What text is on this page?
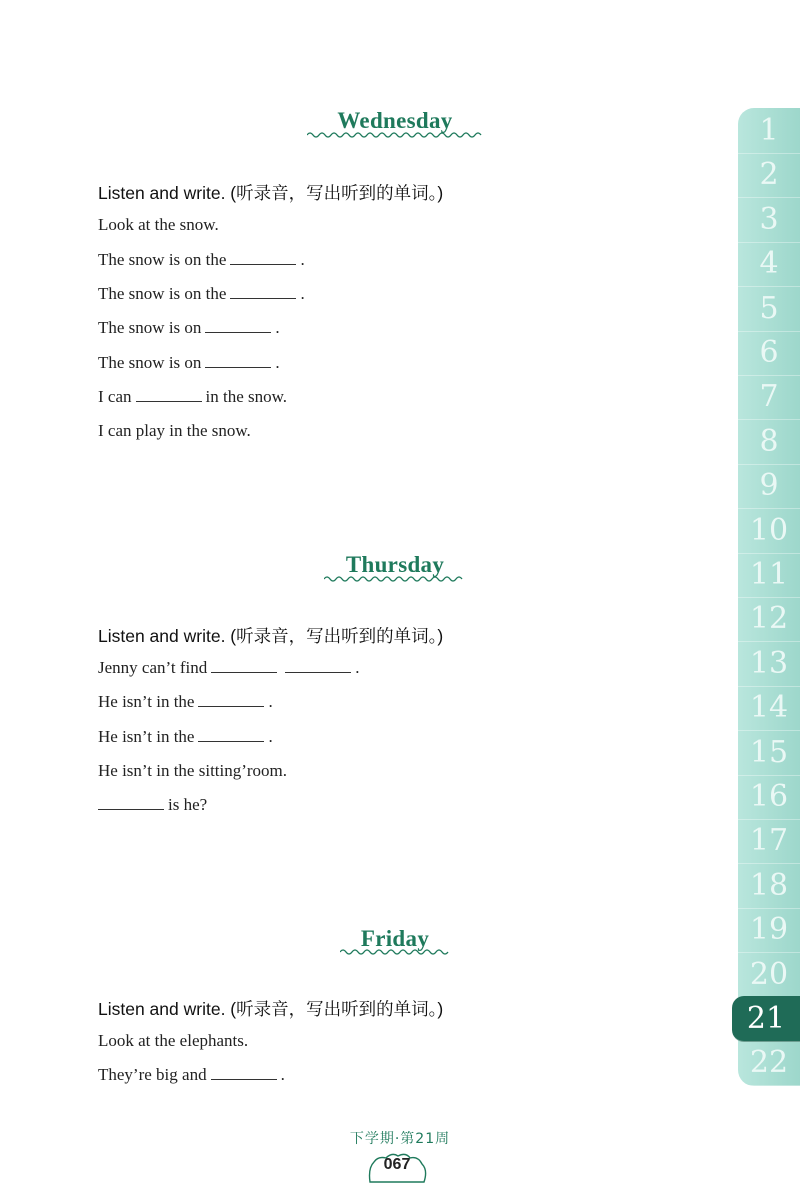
Wednesday
Listen and write. (听录音，写出听到的单词。)
Look at the snow.
The snow is on the	.
The snow is on the	.
The snow is on	.
The snow is on	.
I can	in the snow.
I can play in the snow.
Thursday
Listen and write. (听录音，写出听到的单词。)
Jenny can’t find	.
He isn’t in the	.
He isn’t in the	.
He isn’t in the sitting’room.
is he?
Friday
Listen and write. (听录音，写出听到的单词。)
Look at the elephants.
They’re big and	.
1
2
3
4
5
6
7
8
9
10
11
12
13
14
15
16
17
18
19
20
21
22
下学期·第21周
067
